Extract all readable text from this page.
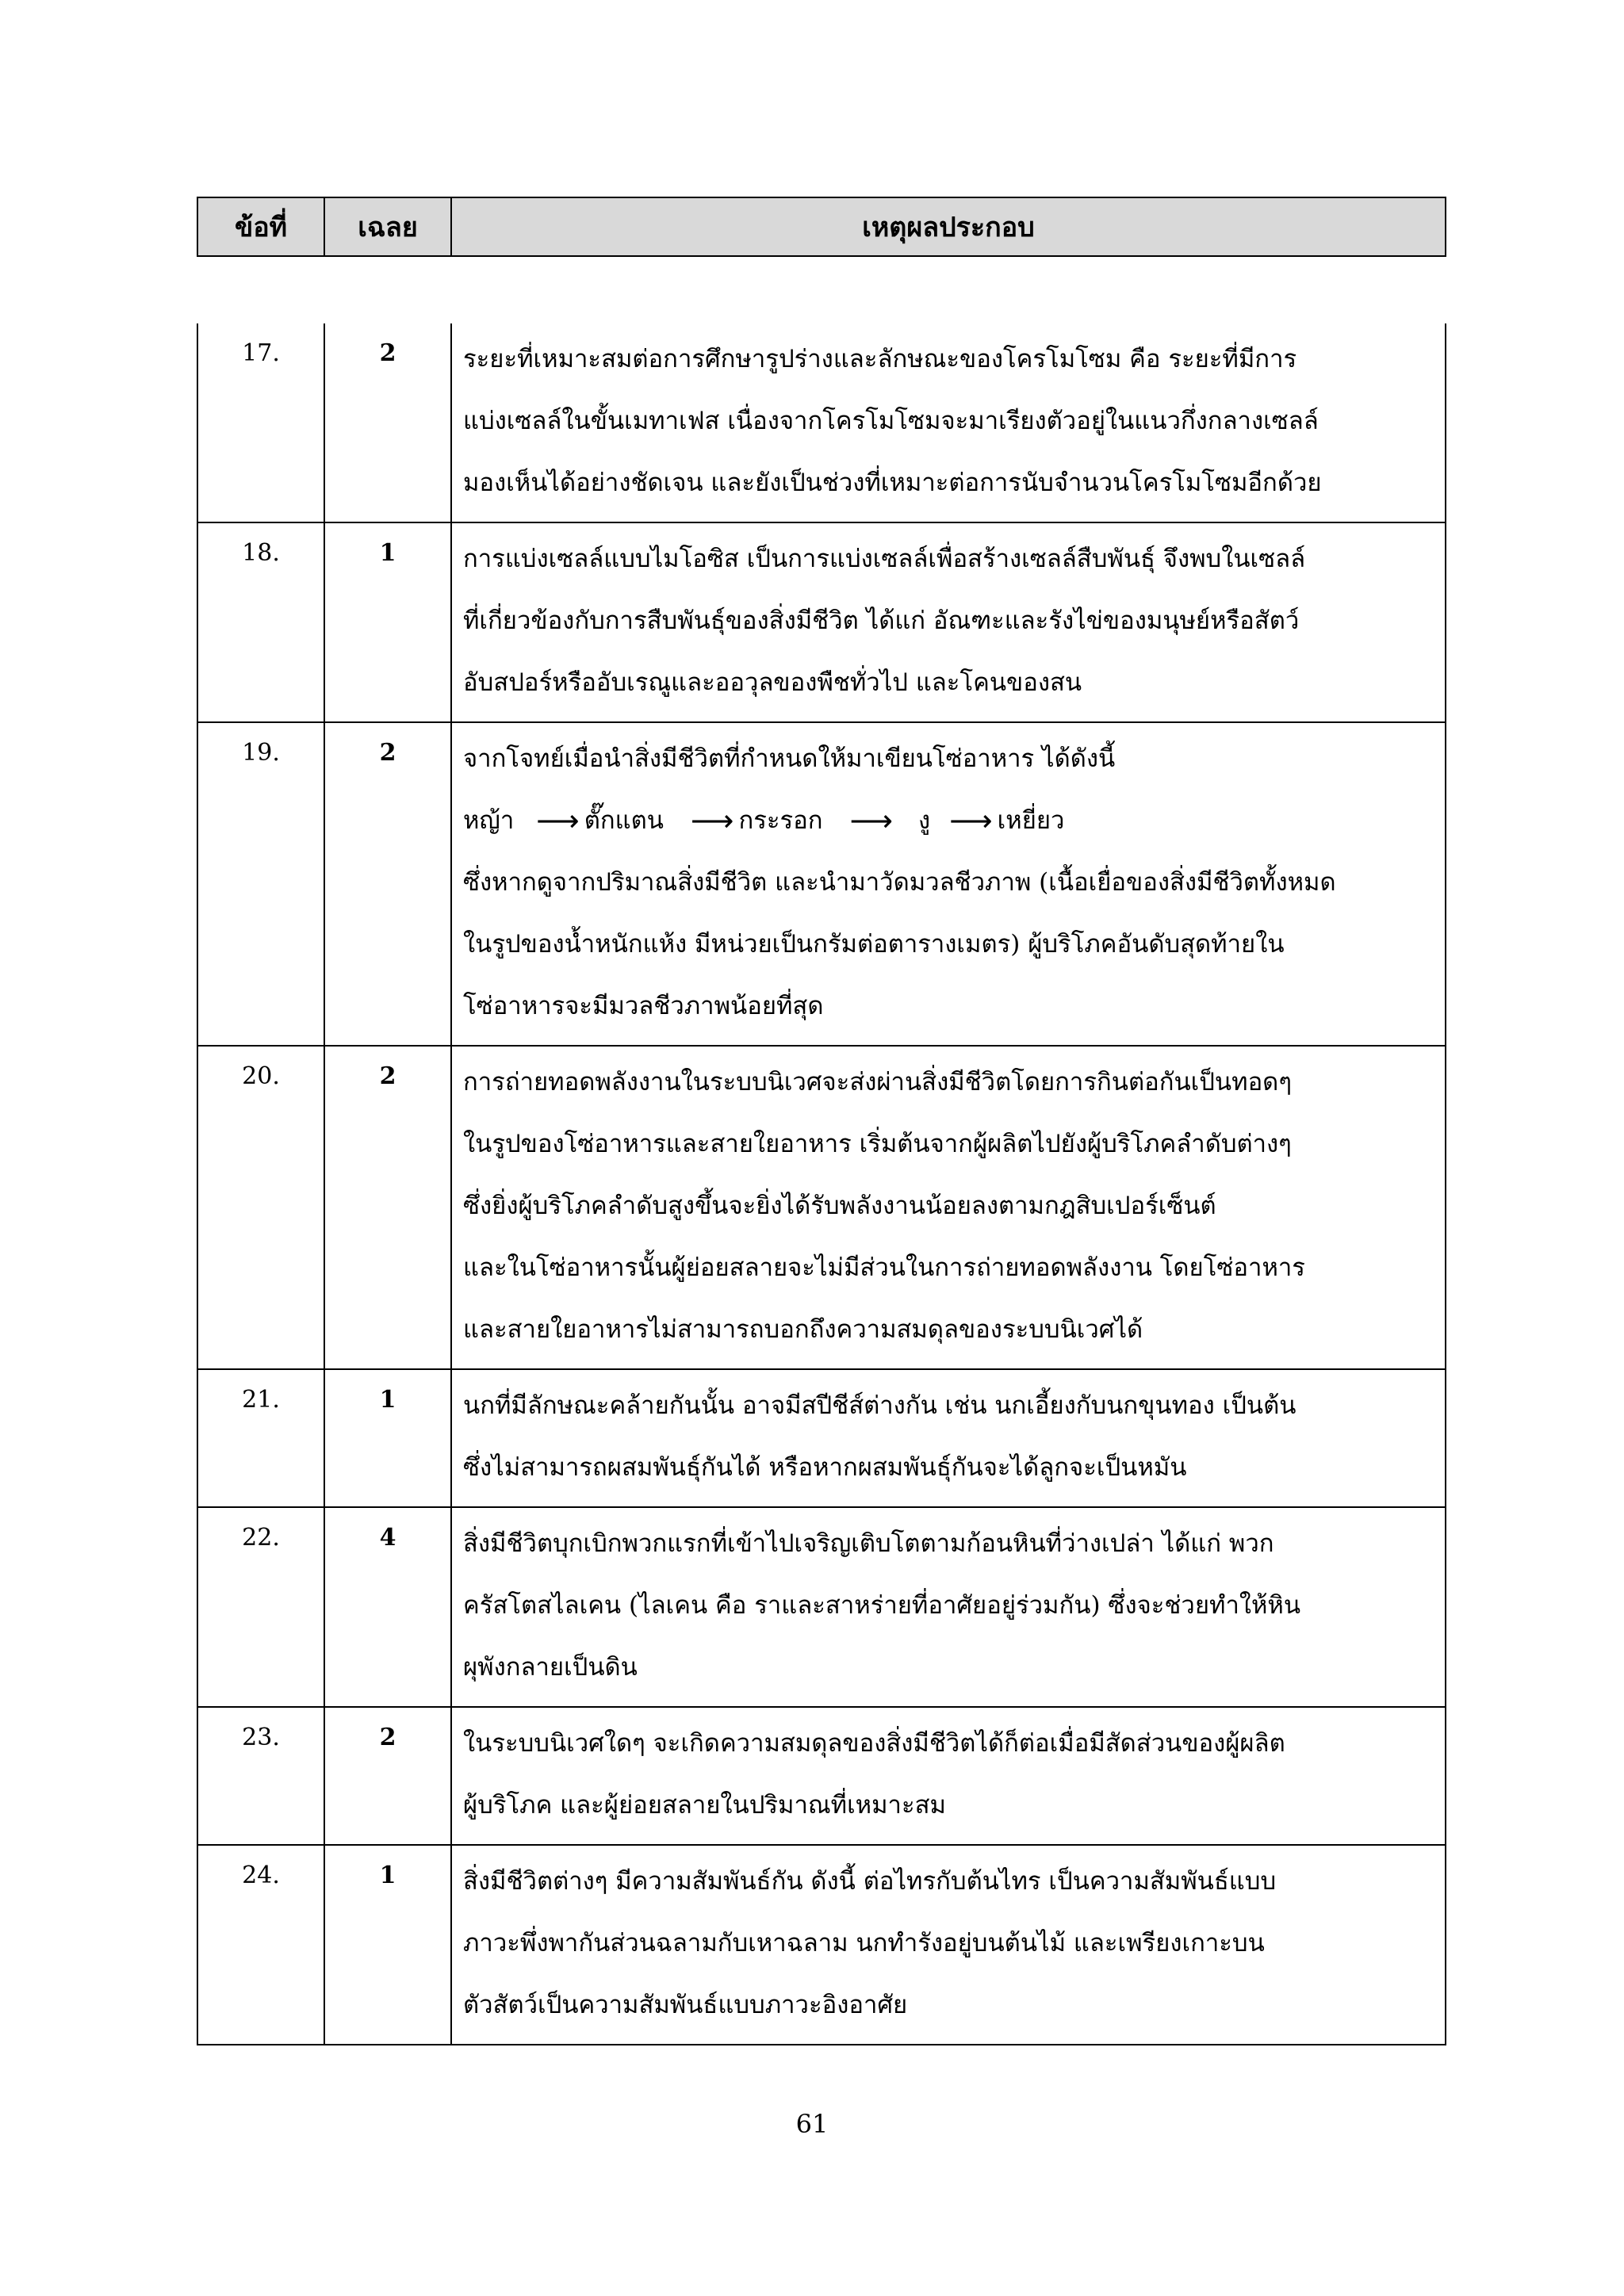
ข้อที่	เฉลย	เหตุผลประกอบ
17.	2	ระยะที่เหมาะสมต่อการศึกษารูปร่างและลักษณะของโครโมโซม คือ ระยะที่มีการ
แบ่งเซลล์ในขั้นเมทาเฟส เนื่องจากโครโมโซมจะมาเรียงตัวอยู่ในแนวกึ่งกลางเซลล์
มองเห็นได้อย่างชัดเจน และยังเป็นช่วงที่เหมาะต่อการนับจำนวนโครโมโซมอีกด้วย
18.	1	การแบ่งเซลล์แบบไมโอซิส เป็นการแบ่งเซลล์เพื่อสร้างเซลล์สืบพันธุ์ จึงพบในเซลล์
ที่เกี่ยวข้องกับการสืบพันธุ์ของสิ่งมีชีวิต ได้แก่ อัณฑะและรังไข่ของมนุษย์หรือสัตว์
อับสปอร์หรืออับเรณูและออวุลของพืชทั่วไป และโคนของสน
19.	2	จากโจทย์เมื่อนำสิ่งมีชีวิตที่กำหนดให้มาเขียนโซ่อาหาร ได้ดังนี้
หญ้า ⟶ ตั๊กแตน ⟶ กระรอก ⟶ งู ⟶ เหยี่ยว
ซึ่งหากดูจากปริมาณสิ่งมีชีวิต และนำมาวัดมวลชีวภาพ (เนื้อเยื่อของสิ่งมีชีวิตทั้งหมด
ในรูปของน้ำหนักแห้ง มีหน่วยเป็นกรัมต่อตารางเมตร) ผู้บริโภคอันดับสุดท้ายใน
โซ่อาหารจะมีมวลชีวภาพน้อยที่สุด
20.	2	การถ่ายทอดพลังงานในระบบนิเวศจะส่งผ่านสิ่งมีชีวิตโดยการกินต่อกันเป็นทอดๆ
ในรูปของโซ่อาหารและสายใยอาหาร เริ่มต้นจากผู้ผลิตไปยังผู้บริโภคลำดับต่างๆ
ซึ่งยิ่งผู้บริโภคลำดับสูงขึ้นจะยิ่งได้รับพลังงานน้อยลงตามกฎสิบเปอร์เซ็นต์
และในโซ่อาหารนั้นผู้ย่อยสลายจะไม่มีส่วนในการถ่ายทอดพลังงาน โดยโซ่อาหาร
และสายใยอาหารไม่สามารถบอกถึงความสมดุลของระบบนิเวศได้
21.	1	นกที่มีลักษณะคล้ายกันนั้น อาจมีสปีชีส์ต่างกัน เช่น นกเอี้ยงกับนกขุนทอง เป็นต้น
ซึ่งไม่สามารถผสมพันธุ์กันได้ หรือหากผสมพันธุ์กันจะได้ลูกจะเป็นหมัน
22.	4	สิ่งมีชีวิตบุกเบิกพวกแรกที่เข้าไปเจริญเติบโตตามก้อนหินที่ว่างเปล่า ได้แก่ พวก
ครัสโตสไลเคน (ไลเคน คือ ราและสาหร่ายที่อาศัยอยู่ร่วมกัน) ซึ่งจะช่วยทำให้หิน
ผุพังกลายเป็นดิน
23.	2	ในระบบนิเวศใดๆ จะเกิดความสมดุลของสิ่งมีชีวิตได้ก็ต่อเมื่อมีสัดส่วนของผู้ผลิต
ผู้บริโภค และผู้ย่อยสลายในปริมาณที่เหมาะสม
24.	1	สิ่งมีชีวิตต่างๆ มีความสัมพันธ์กัน ดังนี้ ต่อไทรกับต้นไทร เป็นความสัมพันธ์แบบ
ภาวะพึ่งพากันส่วนฉลามกับเหาฉลาม นกทำรังอยู่บนต้นไม้ และเพรียงเกาะบน
ตัวสัตว์เป็นความสัมพันธ์แบบภาวะอิงอาศัย
61
